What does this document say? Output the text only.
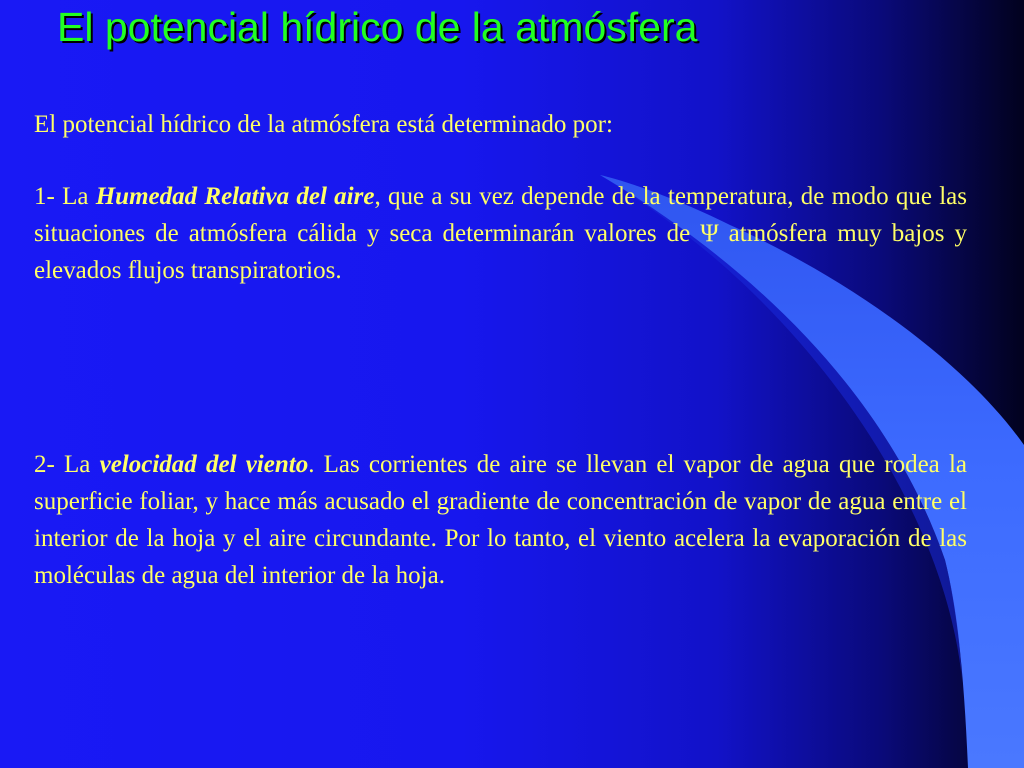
El potencial hídrico de la atmósfera

El potencial hídrico de la atmósfera está determinado por:

1- La Humedad Relativa del aire, que a su vez depende de la temperatura, de modo que las situaciones de atmósfera cálida y seca determinarán valores de Ψ atmósfera muy bajos y elevados flujos transpiratorios.

2- La velocidad del viento. Las corrientes de aire se llevan el vapor de agua que rodea la superficie foliar, y hace más acusado el gradiente de concentración de vapor de agua entre el interior de la hoja y el aire circundante. Por lo tanto, el viento acelera la evaporación de las moléculas de agua del interior de la hoja.
